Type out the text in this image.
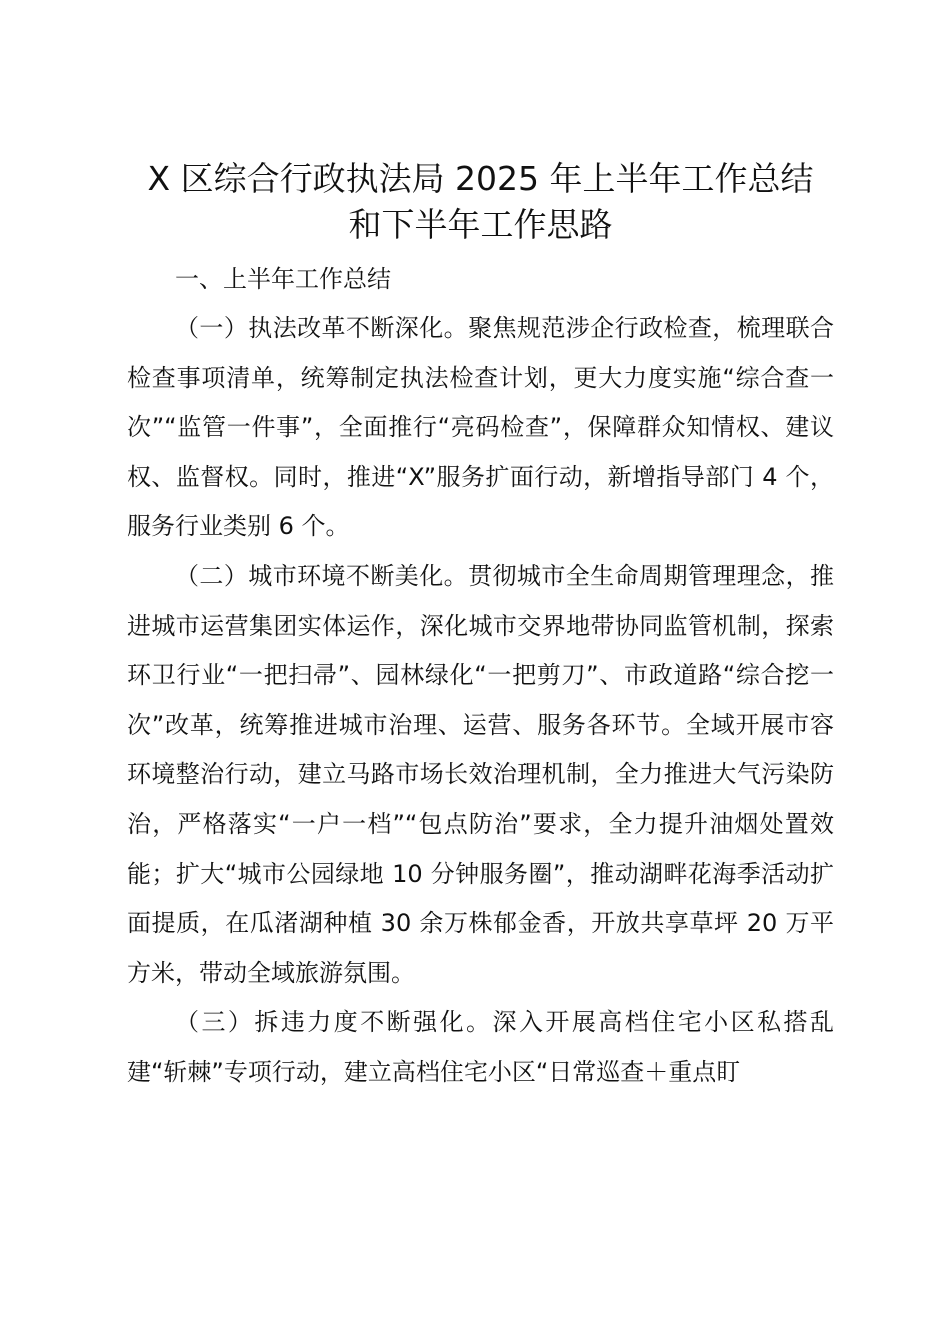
X 区综合行政执法局 2025 年上半年工作总结
和下半年工作思路

一、上半年工作总结

（一）执法改革不断深化。聚焦规范涉企行政检查，梳理联合检查事项清单，统筹制定执法检查计划，更大力度实施“综合查一次”“监管一件事”，全面推行“亮码检查”，保障群众知情权、建议权、监督权。同时，推进“X”服务扩面行动，新增指导部门 4 个，服务行业类别 6 个。

（二）城市环境不断美化。贯彻城市全生命周期管理理念，推进城市运营集团实体运作，深化城市交界地带协同监管机制，探索环卫行业“一把扫帚”、园林绿化“一把剪刀”、市政道路“综合挖一次”改革，统筹推进城市治理、运营、服务各环节。全域开展市容环境整治行动，建立马路市场长效治理机制，全力推进大气污染防治，严格落实“一户一档”“包点防治”要求，全力提升油烟处置效能；扩大“城市公园绿地 10 分钟服务圈”，推动湖畔花海季活动扩面提质，在瓜渚湖种植 30 余万株郁金香，开放共享草坪 20 万平方米，带动全域旅游氛围。

（三）拆违力度不断强化。深入开展高档住宅小区私搭乱建“斩棘”专项行动，建立高档住宅小区“日常巡查＋重点盯
